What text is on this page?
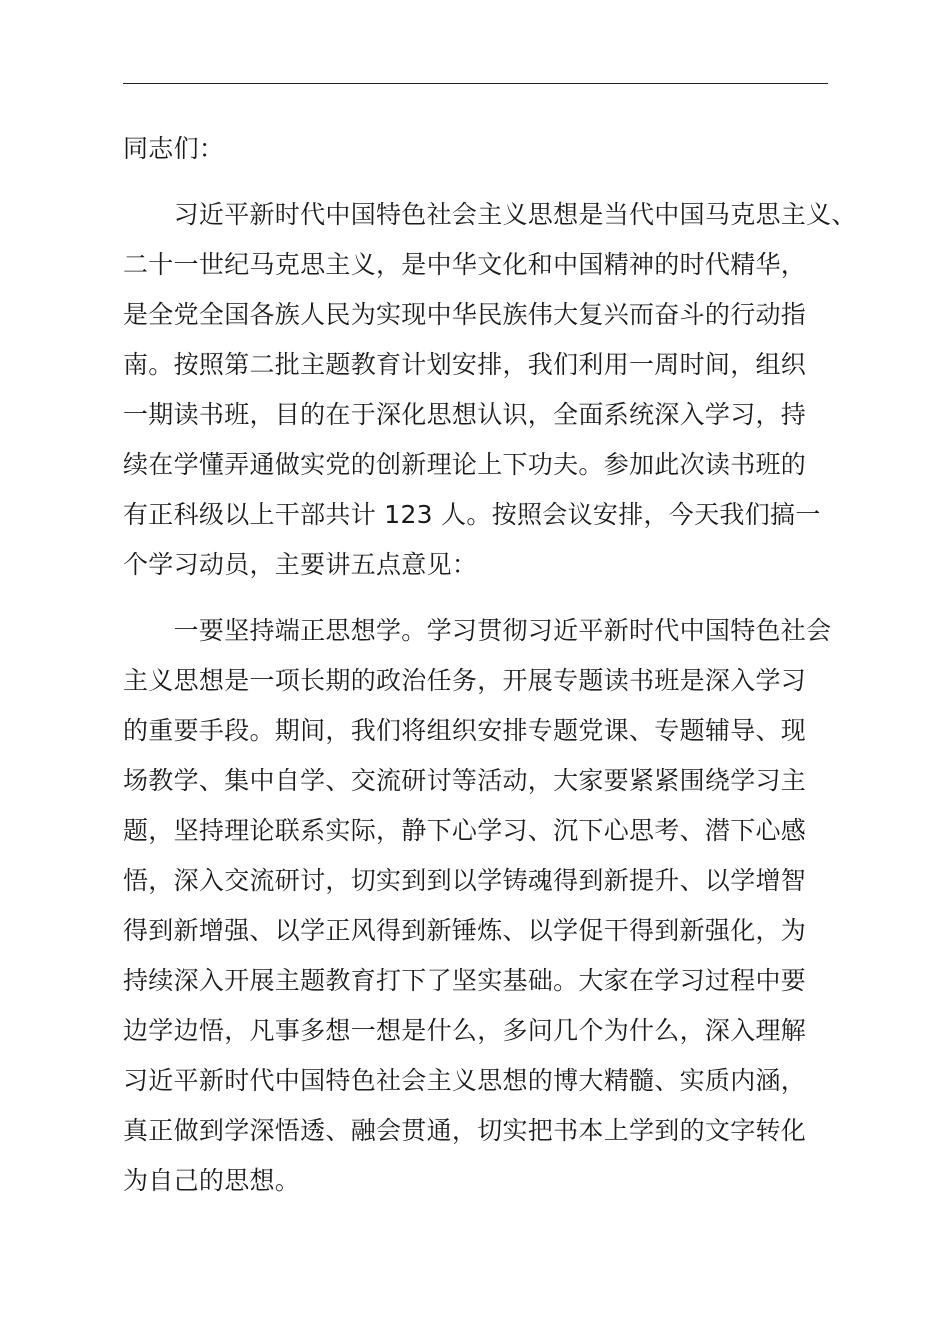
同志们：
　　习近平新时代中国特色社会主义思想是当代中国马克思主义、
二十一世纪马克思主义，是中华文化和中国精神的时代精华，
是全党全国各族人民为实现中华民族伟大复兴而奋斗的行动指
南。按照第二批主题教育计划安排，我们利用一周时间，组织
一期读书班，目的在于深化思想认识，全面系统深入学习，持
续在学懂弄通做实党的创新理论上下功夫。参加此次读书班的
有正科级以上干部共计 123 人。按照会议安排，今天我们搞一
个学习动员，主要讲五点意见：
　　一要坚持端正思想学。学习贯彻习近平新时代中国特色社会
主义思想是一项长期的政治任务，开展专题读书班是深入学习
的重要手段。期间，我们将组织安排专题党课、专题辅导、现
场教学、集中自学、交流研讨等活动，大家要紧紧围绕学习主
题，坚持理论联系实际，静下心学习、沉下心思考、潜下心感
悟，深入交流研讨，切实到到以学铸魂得到新提升、以学增智
得到新增强、以学正风得到新锤炼、以学促干得到新强化，为
持续深入开展主题教育打下了坚实基础。大家在学习过程中要
边学边悟，凡事多想一想是什么，多问几个为什么，深入理解
习近平新时代中国特色社会主义思想的博大精髓、实质内涵，
真正做到学深悟透、融会贯通，切实把书本上学到的文字转化
为自己的思想。
